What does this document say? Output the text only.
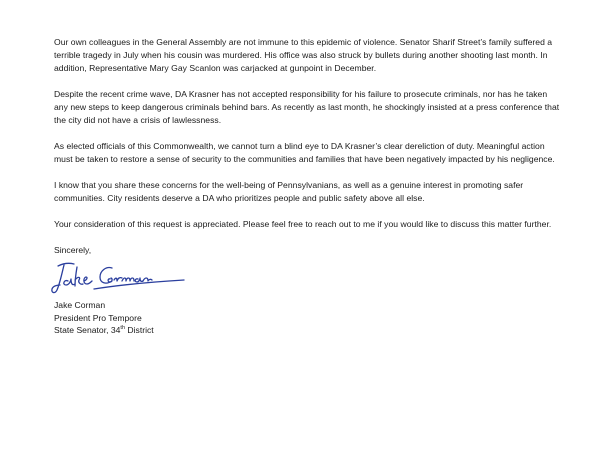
Our own colleagues in the General Assembly are not immune to this epidemic of violence. Senator Sharif Street’s family suffered a terrible tragedy in July when his cousin was murdered. His office was also struck by bullets during another shooting last month. In addition, Representative Mary Gay Scanlon was carjacked at gunpoint in December.

Despite the recent crime wave, DA Krasner has not accepted responsibility for his failure to prosecute criminals, nor has he taken any new steps to keep dangerous criminals behind bars. As recently as last month, he shockingly insisted at a press conference that the city did not have a crisis of lawlessness.

As elected officials of this Commonwealth, we cannot turn a blind eye to DA Krasner’s clear dereliction of duty. Meaningful action must be taken to restore a sense of security to the communities and families that have been negatively impacted by his negligence.

I know that you share these concerns for the well-being of Pennsylvanians, as well as a genuine interest in promoting safer communities. City residents deserve a DA who prioritizes people and public safety above all else.

Your consideration of this request is appreciated. Please feel free to reach out to me if you would like to discuss this matter further.

Sincerely,

Jake Corman

President Pro Tempore

State Senator, 34th District
